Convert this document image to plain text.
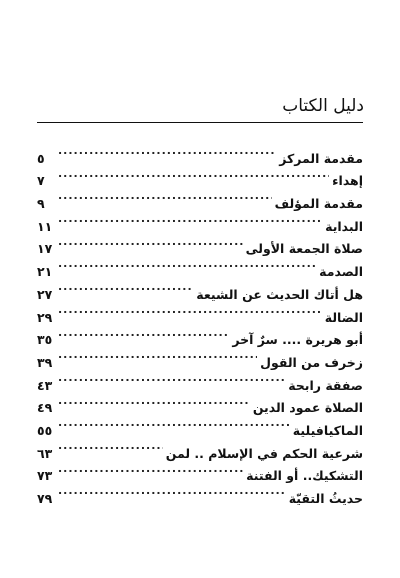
دليل الكتاب
مقدمة المركز
.....
٥
إهداء
.....
٧
مقدمة المؤلف
.....
٩
البداية
.....
١١
صلاة الجمعة الأولى
.....
١٧
الصدمة
.....
٢١
هل أتاك الحديث عن الشيعة
.....
٢٧
الضالة
.....
٢٩
أبو هريرة .... سرٌ آخر
.....
٣٥
زخرف من القول
.....
٣٩
صفقة رابحة
.....
٤٣
الصلاة عمود الدين
.....
٤٩
الماكيافيلية
.....
٥٥
شرعية الحكم في الإسلام .. لمن
.....
٦٣
التشكيك.. أو الفتنة
.....
٧٣
حديثُ التقيّة
.....
٧٩
